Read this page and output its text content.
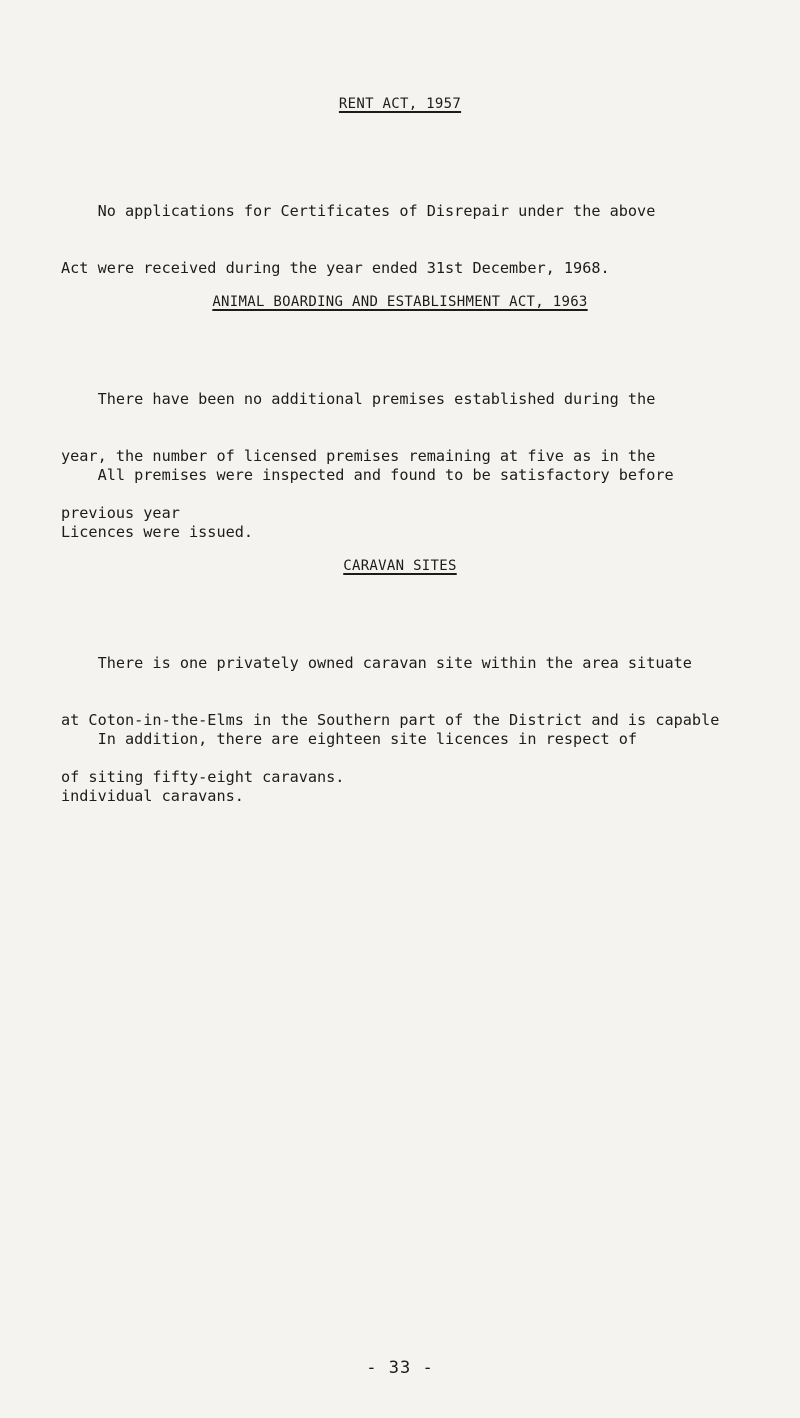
RENT ACT, 1957

No applications for Certificates of Disrepair under the above

Act were received during the year ended 31st December, 1968.

ANIMAL BOARDING AND ESTABLISHMENT ACT, 1963

There have been no additional premises established during the

year, the number of licensed premises remaining at five as in the

previous year

All premises were inspected and found to be satisfactory before

Licences were issued.

CARAVAN SITES

There is one privately owned caravan site within the area situate

at Coton-in-the-Elms in the Southern part of the District and is capable

of siting fifty-eight caravans.

In addition, there are eighteen site licences in respect of

individual caravans.

- 33 -
